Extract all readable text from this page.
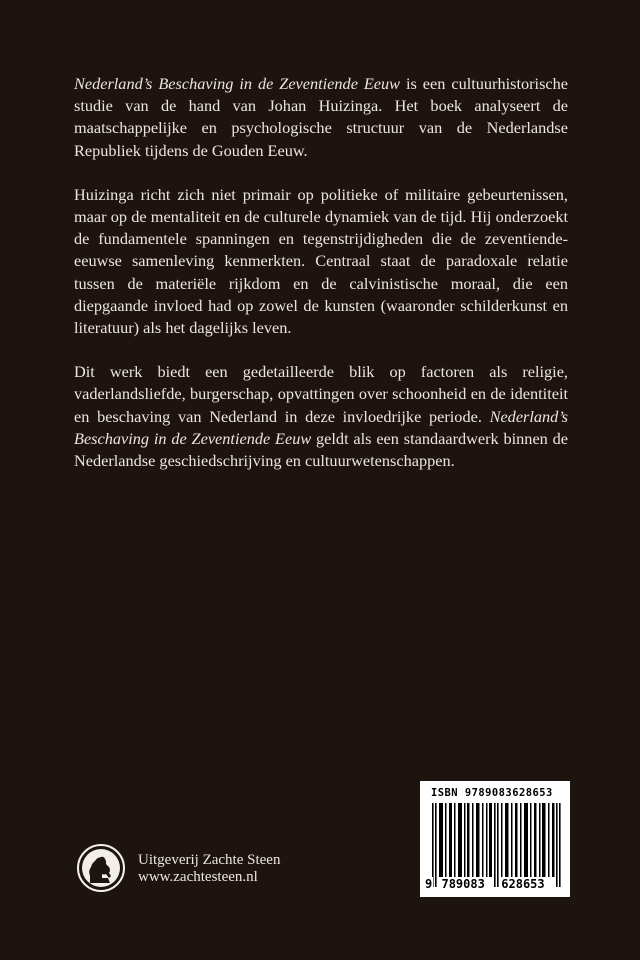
Nederland’s Beschaving in de Zeventiende Eeuw is een cultuurhistorische studie van de hand van Johan Huizinga. Het boek analyseert de maatschappelijke en psychologische structuur van de Nederlandse Republiek tijdens de Gouden Eeuw.

Huizinga richt zich niet primair op politieke of militaire gebeurtenissen, maar op de mentaliteit en de culturele dynamiek van de tijd. Hij onderzoekt de fundamentele spanningen en tegenstrijdigheden die de zeventiende-eeuwse samenleving kenmerkten. Centraal staat de paradoxale relatie tussen de materiële rijkdom en de calvinistische moraal, die een diepgaande invloed had op zowel de kunsten (waaronder schilderkunst en literatuur) als het dagelijks leven.

Dit werk biedt een gedetailleerde blik op factoren als religie, vaderlandsliefde, burgerschap, opvattingen over schoonheid en de identiteit en beschaving van Nederland in deze invloedrijke periode. Nederland’s Beschaving in de Zeventiende Eeuw geldt als een standaardwerk binnen de Nederlandse geschiedschrijving en cultuurwetenschappen.

Uitgeverij Zachte Steen
www.zachtesteen.nl
ISBN 9789083628653
9 789083 628653
